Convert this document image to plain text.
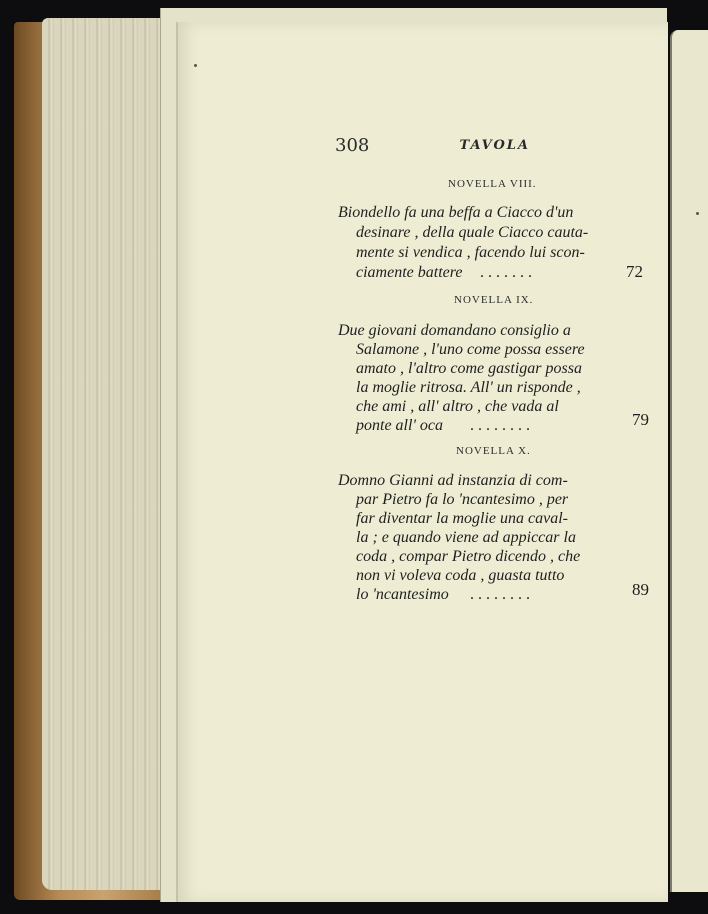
308	TAVOLA
NOVELLA VIII.
Biondello fa una beffa a Ciacco d'un
desinare , della quale Ciacco cauta-
mente si vendica , facendo lui scon-
ciamente battere . . . . . . .	72
NOVELLA IX.
Due giovani domandano consiglio a
Salamone , l'uno come possa essere
amato , l'altro come gastigar possa
la moglie ritrosa. All' un risponde ,
che ami , all' altro , che vada al
ponte all' oca . . . . . . . .	79
NOVELLA X.
Domno Gianni ad instanzia di com-
par Pietro fa lo 'ncantesimo , per
far diventar la moglie una caval-
la ; e quando viene ad appiccar la
coda , compar Pietro dicendo , che
non vi voleva coda , guasta tutto
lo 'ncantesimo . . . . . . . .	89
